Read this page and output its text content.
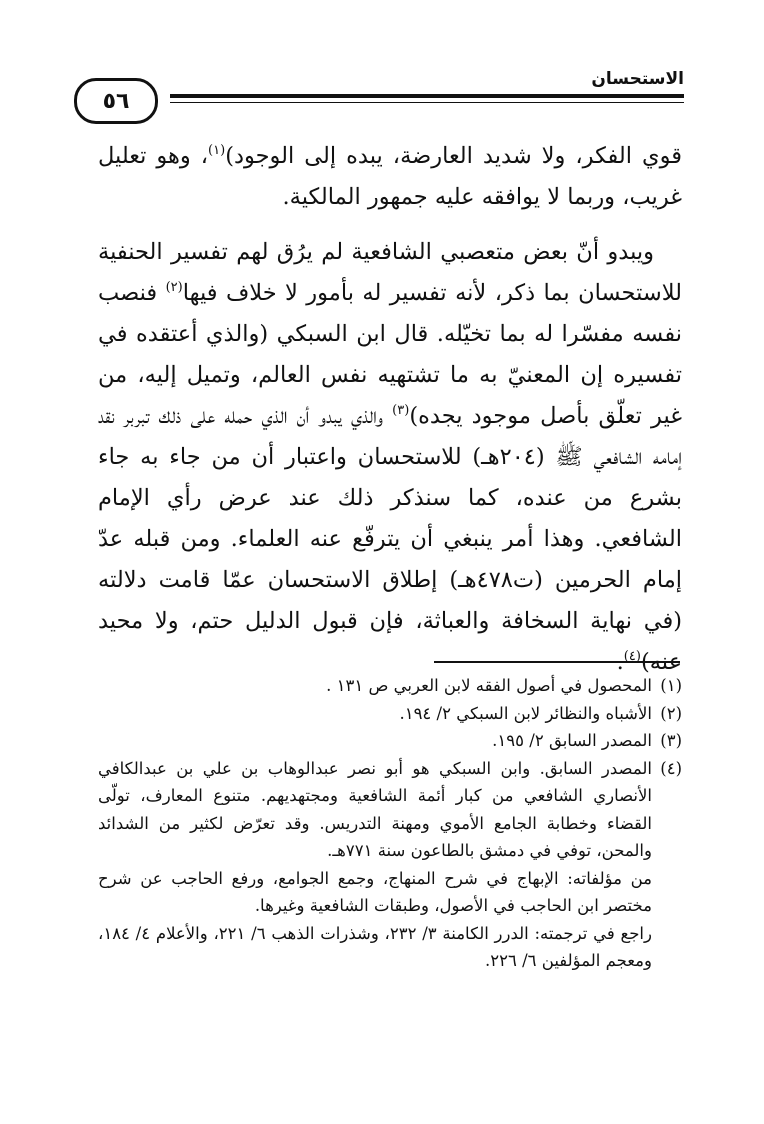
الاستحسان
٥٦

قوي الفكر، ولا شديد العارضة، يبده إلى الوجود)$^{(١)}$، وهو تعليل غريب، وربما لا يوافقه عليه جمهور المالكية.

ويبدو أنّ بعض متعصبي الشافعية لم يرُق لهم تفسير الحنفية للاستحسان بما ذكر، لأنه تفسير له بأمور لا خلاف فيها$^{(٢)}$ فنصب نفسه مفسّرا له بما تخيّله. قال ابن السبكي (والذي أعتقده في تفسيره إن المعنيّ به ما تشتهيه نفس العالم، وتميل إليه، من غير تعلّق بأصل موجود يجده)$^{(٣)}$ والذي يبدو أن الذي حمله على ذلك تبربر نقد إمامه الشافعي ﷺ (٢٠٤هـ) للاستحسان واعتبار أن من جاء به جاء بشرع من عنده، كما سنذكر ذلك عند عرض رأي الإمام الشافعي. وهذا أمر ينبغي أن يترفّع عنه العلماء. ومن قبله عدّ إمام الحرمين (ت٤٧٨هـ) إطلاق الاستحسان عمّا قامت دلالته (في نهاية السخافة والعباثة، فإن قبول الدليل حتم، ولا محيد عنه)$^{(٤)}$.

(١)

المحصول في أصول الفقه لابن العربي ص ١٣١ .

(٢)

الأشباه والنظائر لابن السبكي ٢/ ١٩٤.

(٣)

المصدر السابق ٢/ ١٩٥.

(٤)

المصدر السابق. وابن السبكي هو أبو نصر عبدالوهاب بن علي بن عبدالكافي الأنصاري الشافعي من كبار أئمة الشافعية ومجتهديهم. متنوع المعارف، تولّى القضاء وخطابة الجامع الأموي ومهنة التدريس. وقد تعرّض لكثير من الشدائد والمحن، توفي في دمشق بالطاعون سنة ٧٧١هـ.

من مؤلفاته: الإبهاج في شرح المنهاج، وجمع الجوامع، ورفع الحاجب عن شرح مختصر ابن الحاجب في الأصول، وطبقات الشافعية وغيرها.

راجع في ترجمته: الدرر الكامنة ٣/ ٢٣٢، وشذرات الذهب ٦/ ٢٢١، والأعلام ٤/ ١٨٤، ومعجم المؤلفين ٦/ ٢٢٦.
